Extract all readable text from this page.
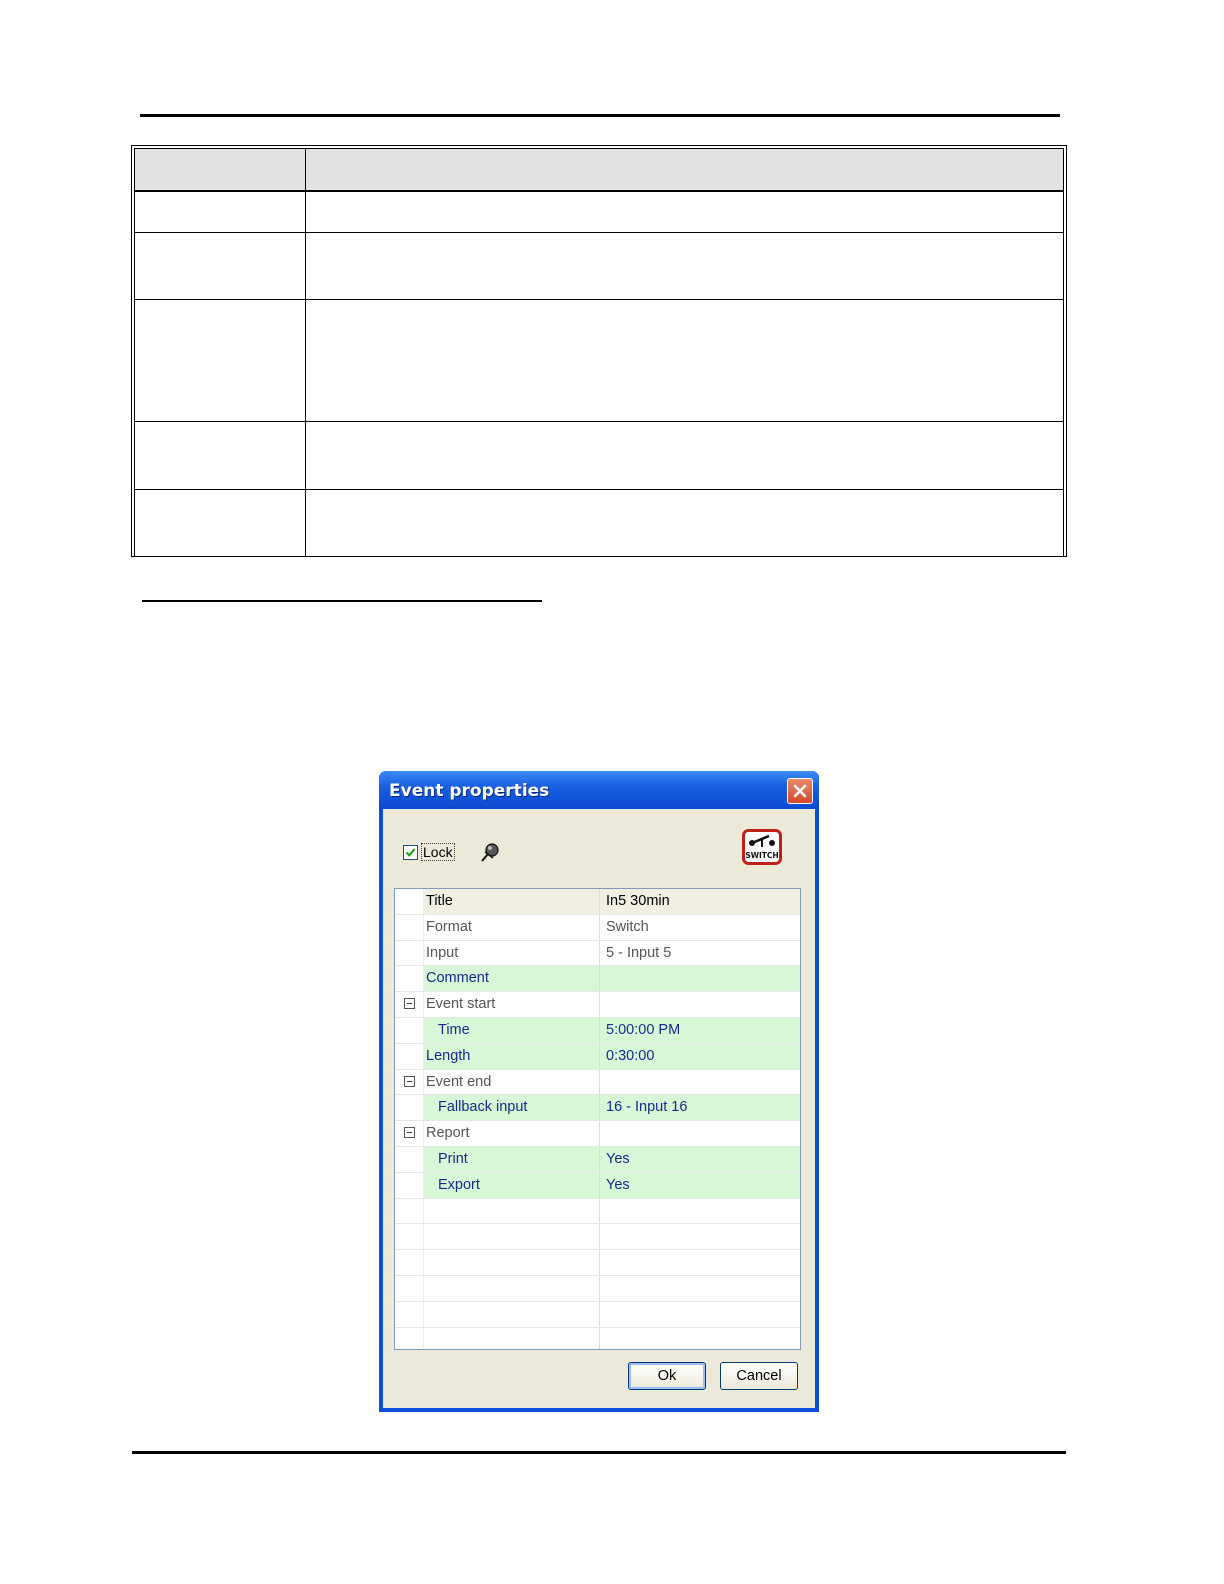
Event properties
Lock	SWITCH
Title	In5 30min
Format	Switch
Input	5 - Input 5
Comment
Event start
Time	5:00:00 PM
Length	0:30:00
Event end
Fallback input	16 - Input 16
Report
Print	Yes
Export	Yes
Ok	Cancel
